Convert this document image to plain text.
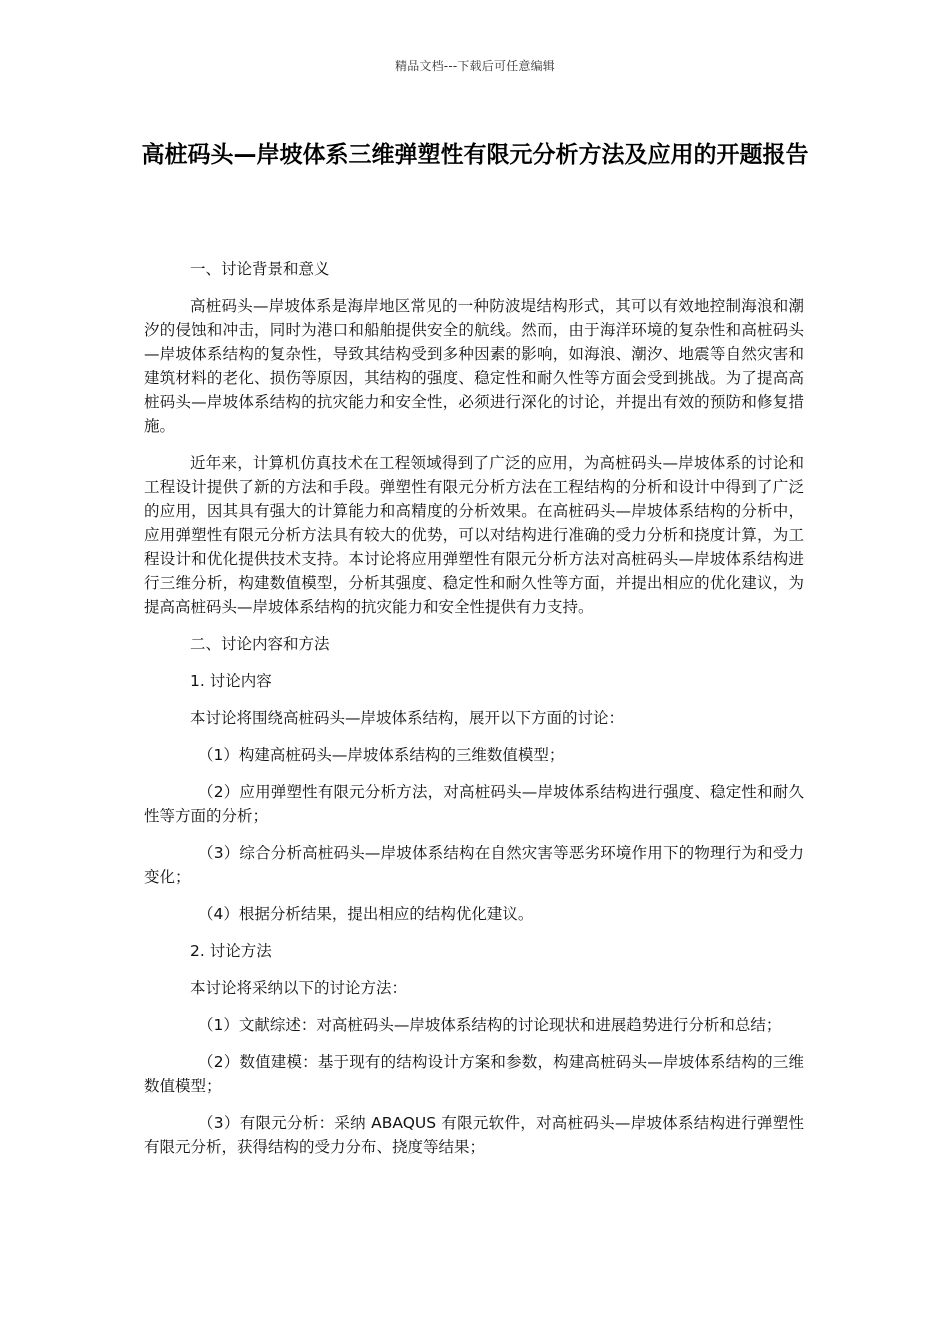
精品文档---下载后可任意编辑
高桩码头—岸坡体系三维弹塑性有限元分析方法及应用的开题报告

一、讨论背景和意义

高桩码头—岸坡体系是海岸地区常见的一种防波堤结构形式，其可以有效地控制海浪和潮汐的侵蚀和冲击，同时为港口和船舶提供安全的航线。然而，由于海洋环境的复杂性和高桩码头—岸坡体系结构的复杂性，导致其结构受到多种因素的影响，如海浪、潮汐、地震等自然灾害和建筑材料的老化、损伤等原因，其结构的强度、稳定性和耐久性等方面会受到挑战。为了提高高桩码头—岸坡体系结构的抗灾能力和安全性，必须进行深化的讨论，并提出有效的预防和修复措施。

近年来，计算机仿真技术在工程领域得到了广泛的应用，为高桩码头—岸坡体系的讨论和工程设计提供了新的方法和手段。弹塑性有限元分析方法在工程结构的分析和设计中得到了广泛的应用，因其具有强大的计算能力和高精度的分析效果。在高桩码头—岸坡体系结构的分析中，应用弹塑性有限元分析方法具有较大的优势，可以对结构进行准确的受力分析和挠度计算，为工程设计和优化提供技术支持。本讨论将应用弹塑性有限元分析方法对高桩码头—岸坡体系结构进行三维分析，构建数值模型，分析其强度、稳定性和耐久性等方面，并提出相应的优化建议，为提高高桩码头—岸坡体系结构的抗灾能力和安全性提供有力支持。

二、讨论内容和方法

1. 讨论内容

本讨论将围绕高桩码头—岸坡体系结构，展开以下方面的讨论：

（1）构建高桩码头—岸坡体系结构的三维数值模型；

（2）应用弹塑性有限元分析方法，对高桩码头—岸坡体系结构进行强度、稳定性和耐久性等方面的分析；

（3）综合分析高桩码头—岸坡体系结构在自然灾害等恶劣环境作用下的物理行为和受力变化；

（4）根据分析结果，提出相应的结构优化建议。

2. 讨论方法

本讨论将采纳以下的讨论方法：

（1）文献综述：对高桩码头—岸坡体系结构的讨论现状和进展趋势进行分析和总结；

（2）数值建模：基于现有的结构设计方案和参数，构建高桩码头—岸坡体系结构的三维数值模型；

（3）有限元分析：采纳 ABAQUS 有限元软件，对高桩码头—岸坡体系结构进行弹塑性有限元分析，获得结构的受力分布、挠度等结果；
